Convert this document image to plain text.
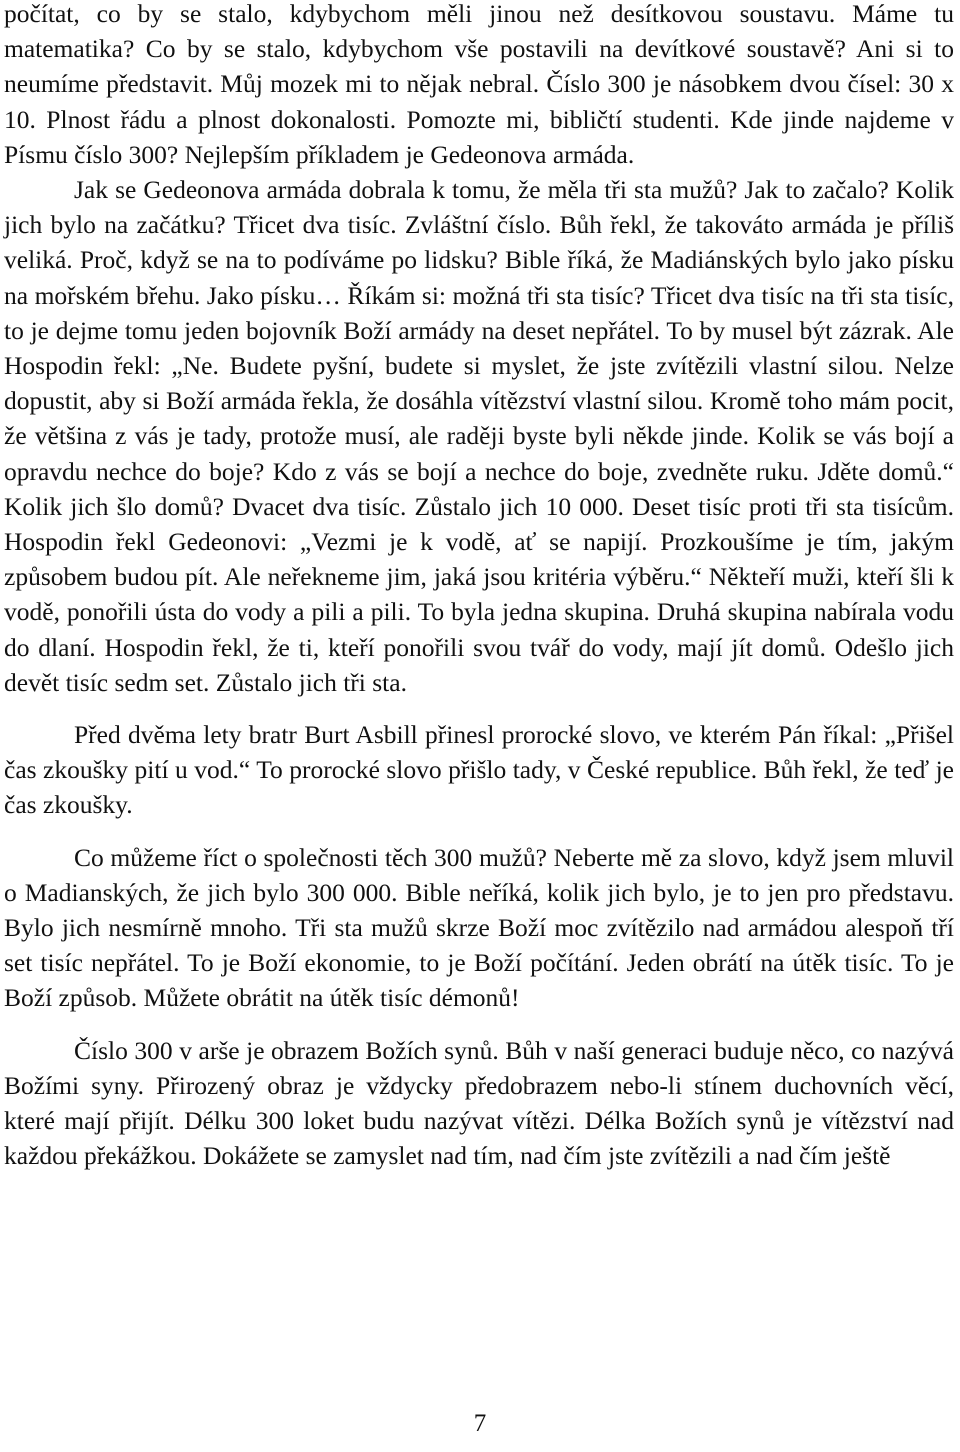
počítat, co by se stalo, kdybychom měli jinou než desítkovou soustavu. Máme tu matematika? Co by se stalo, kdybychom vše postavili na devítkové soustavě? Ani si to neumíme představit. Můj mozek mi to nějak nebral. Číslo 300 je násobkem dvou čísel: 30 x 10. Plnost řádu a plnost dokonalosti. Pomozte mi, bibličtí studenti. Kde jinde najdeme v Písmu číslo 300? Nejlepším příkladem je Gedeonova armáda.

Jak se Gedeonova armáda dobrala k tomu, že měla tři sta mužů? Jak to začalo? Kolik jich bylo na začátku? Třicet dva tisíc. Zvláštní číslo. Bůh řekl, že takováto armáda je příliš veliká. Proč, když se na to podíváme po lidsku? Bible říká, že Madiánských bylo jako písku na mořském břehu. Jako písku… Říkám si: možná tři sta tisíc? Třicet dva tisíc na tři sta tisíc, to je dejme tomu jeden bojovník Boží armády na deset nepřátel. To by musel být zázrak. Ale Hospodin řekl: „Ne. Budete pyšní, budete si myslet, že jste zvítězili vlastní silou. Nelze dopustit, aby si Boží armáda řekla, že dosáhla vítězství vlastní silou. Kromě toho mám pocit, že většina z vás je tady, protože musí, ale raději byste byli někde jinde. Kolik se vás bojí a opravdu nechce do boje? Kdo z vás se bojí a nechce do boje, zvedněte ruku. Jděte domů.“ Kolik jich šlo domů? Dvacet dva tisíc. Zůstalo jich 10 000. Deset tisíc proti tři sta tisícům. Hospodin řekl Gedeonovi: „Vezmi je k vodě, ať se napijí. Prozkoušíme je tím, jakým způsobem budou pít. Ale neřekneme jim, jaká jsou kritéria výběru.“ Někteří muži, kteří šli k vodě, ponořili ústa do vody a pili a pili. To byla jedna skupina. Druhá skupina nabírala vodu do dlaní. Hospodin řekl, že ti, kteří ponořili svou tvář do vody, mají jít domů. Odešlo jich devět tisíc sedm set. Zůstalo jich tři sta.

Před dvěma lety bratr Burt Asbill přinesl prorocké slovo, ve kterém Pán říkal: „Přišel čas zkoušky pití u vod.“ To prorocké slovo přišlo tady, v České republice. Bůh řekl, že teď je čas zkoušky.

Co můžeme říct o společnosti těch 300 mužů? Neberte mě za slovo, když jsem mluvil o Madianských, že jich bylo 300 000. Bible neříká, kolik jich bylo, je to jen pro představu. Bylo jich nesmírně mnoho. Tři sta mužů skrze Boží moc zvítězilo nad armádou alespoň tří set tisíc nepřátel. To je Boží ekonomie, to je Boží počítání. Jeden obrátí na útěk tisíc. To je Boží způsob. Můžete obrátit na útěk tisíc démonů!

Číslo 300 v arše je obrazem Božích synů. Bůh v naší generaci buduje něco, co nazývá Božími syny. Přirozený obraz je vždycky předobrazem nebo-li stínem duchovních věcí, které mají přijít. Délku 300 loket budu nazývat vítězi. Délka Božích synů je vítězství nad každou překážkou. Dokážete se zamyslet nad tím, nad čím jste zvítězili a nad čím ještě

7
